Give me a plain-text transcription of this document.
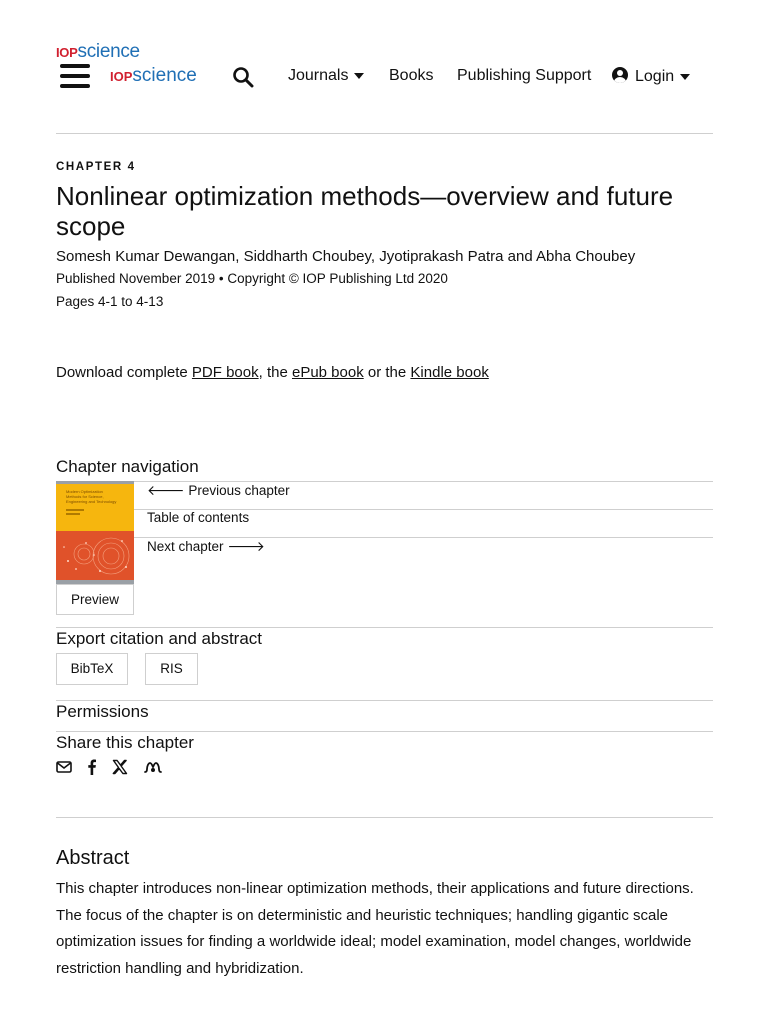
IOPscience
IOPscience	Journals	Books Publishing Support	Login
CHAPTER 4
Nonlinear optimization methods—overview and future scope
Somesh Kumar Dewangan, Siddharth Choubey, Jyotiprakash Patra and Abha Choubey
Published November 2019 • Copyright © IOP Publishing Ltd 2020
Pages 4-1 to 4-13
Download complete PDF book, the ePub book or the Kindle book
Chapter navigation
Modern Optimization
Methods for Science,
Engineering and Technology
Preview
🡐 Previous chapter
Table of contents
Next chapter 🡒
Export citation and abstract
BibTeX	RIS
Permissions
Share this chapter
Abstract
This chapter introduces non-linear optimization methods, their applications and future directions. The focus of the chapter is on deterministic and heuristic techniques; handling gigantic scale optimization issues for finding a worldwide ideal; model examination, model changes, worldwide restriction handling and hybridization.
